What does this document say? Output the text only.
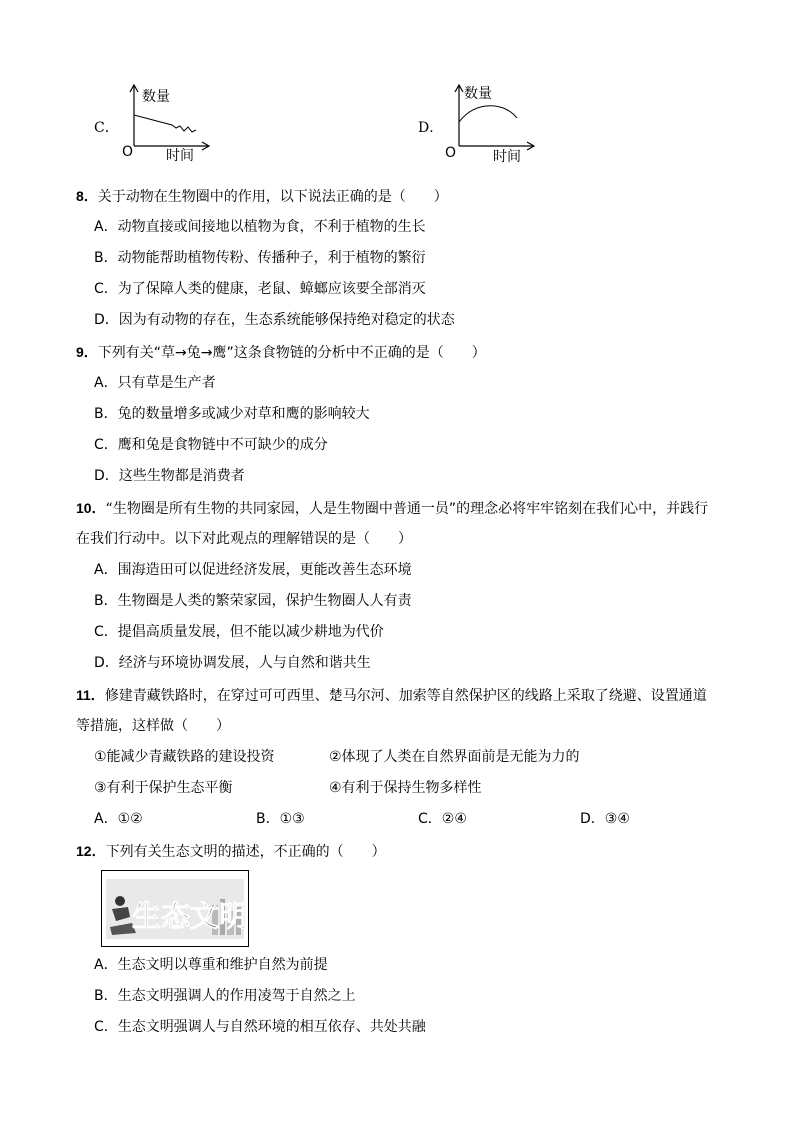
C．
数量
时间
O
D．
数量
时间
O
8．关于动物在生物圈中的作用，以下说法正确的是（　　）
A．动物直接或间接地以植物为食，不利于植物的生长
B．动物能帮助植物传粉、传播种子，利于植物的繁衍
C．为了保障人类的健康，老鼠、蟑螂应该要全部消灭
D．因为有动物的存在，生态系统能够保持绝对稳定的状态
9．下列有关“草→兔→鹰”这条食物链的分析中不正确的是（　　）
A．只有草是生产者
B．兔的数量增多或减少对草和鹰的影响较大
C．鹰和兔是食物链中不可缺少的成分
D．这些生物都是消费者
10．“生物圈是所有生物的共同家园，人是生物圈中普通一员”的理念必将牢牢铭刻在我们心中，并践行
在我们行动中。以下对此观点的理解错误的是（　　）
A．围海造田可以促进经济发展，更能改善生态环境
B．生物圈是人类的繁荣家园，保护生物圈人人有责
C．提倡高质量发展，但不能以减少耕地为代价
D．经济与环境协调发展，人与自然和谐共生
11．修建青藏铁路时，在穿过可可西里、楚马尔河、加索等自然保护区的线路上采取了绕避、设置通道
等措施，这样做（　　）
①能减少青藏铁路的建设投资	②体现了人类在自然界面前是无能为力的
③有利于保护生态平衡	④有利于保持生物多样性
A．①②	B．①③	C．②④	D．③④
12．下列有关生态文明的描述，不正确的（　　）
生态文明
A．生态文明以尊重和维护自然为前提
B．生态文明强调人的作用凌驾于自然之上
C．生态文明强调人与自然环境的相互依存、共处共融
